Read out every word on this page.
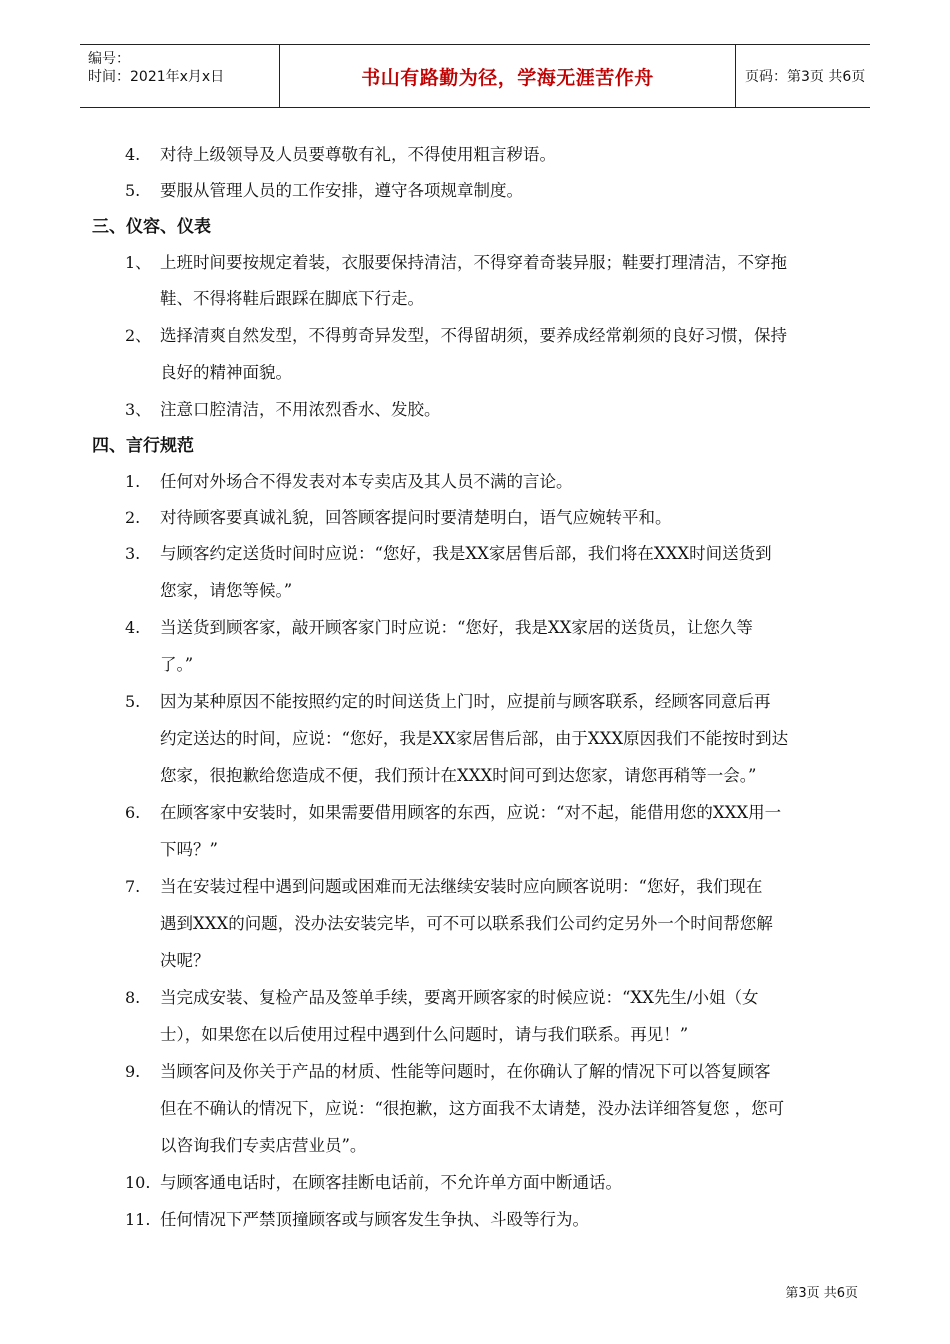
编号：
时间：2021年x月x日	书山有路勤为径，学海无涯苦作舟	页码：第3页 共6页
4. 对待上级领导及人员要尊敬有礼，不得使用粗言秽语。
5. 要服从管理人员的工作安排，遵守各项规章制度。
三、仪容、仪表
1、 上班时间要按规定着装，衣服要保持清洁，不得穿着奇装异服；鞋要打理清洁，不穿拖
鞋、不得将鞋后跟踩在脚底下行走。
2、 选择清爽自然发型，不得剪奇异发型，不得留胡须，要养成经常剃须的良好习惯，保持
良好的精神面貌。
3、 注意口腔清洁，不用浓烈香水、发胶。
四、言行规范
1. 任何对外场合不得发表对本专卖店及其人员不满的言论。
2. 对待顾客要真诚礼貌，回答顾客提问时要清楚明白，语气应婉转平和。
3. 与顾客约定送货时间时应说：“您好，我是XX家居售后部，我们将在XXX时间送货到
您家，请您等候。”
4. 当送货到顾客家，敲开顾客家门时应说：“您好，我是XX家居的送货员，让您久等
了。”
5. 因为某种原因不能按照约定的时间送货上门时，应提前与顾客联系，经顾客同意后再
约定送达的时间，应说：“您好，我是XX家居售后部，由于XXX原因我们不能按时到达
您家，很抱歉给您造成不便，我们预计在XXX时间可到达您家，请您再稍等一会。”
6. 在顾客家中安装时，如果需要借用顾客的东西，应说：“对不起，能借用您的XXX用一
下吗？”
7. 当在安装过程中遇到问题或困难而无法继续安装时应向顾客说明：“您好，我们现在
遇到XXX的问题，没办法安装完毕，可不可以联系我们公司约定另外一个时间帮您解
决呢？
8. 当完成安装、复检产品及签单手续，要离开顾客家的时候应说：“XX先生/小姐（女
士），如果您在以后使用过程中遇到什么问题时，请与我们联系。再见！”
9. 当顾客问及你关于产品的材质、性能等问题时，在你确认了解的情况下可以答复顾客
但在不确认的情况下，应说：“很抱歉，这方面我不太请楚，没办法详细答复您 ，您可
以咨询我们专卖店营业员”。
10. 与顾客通电话时，在顾客挂断电话前，不允许单方面中断通话。
11. 任何情况下严禁顶撞顾客或与顾客发生争执、斗殴等行为。
第3页 共6页
